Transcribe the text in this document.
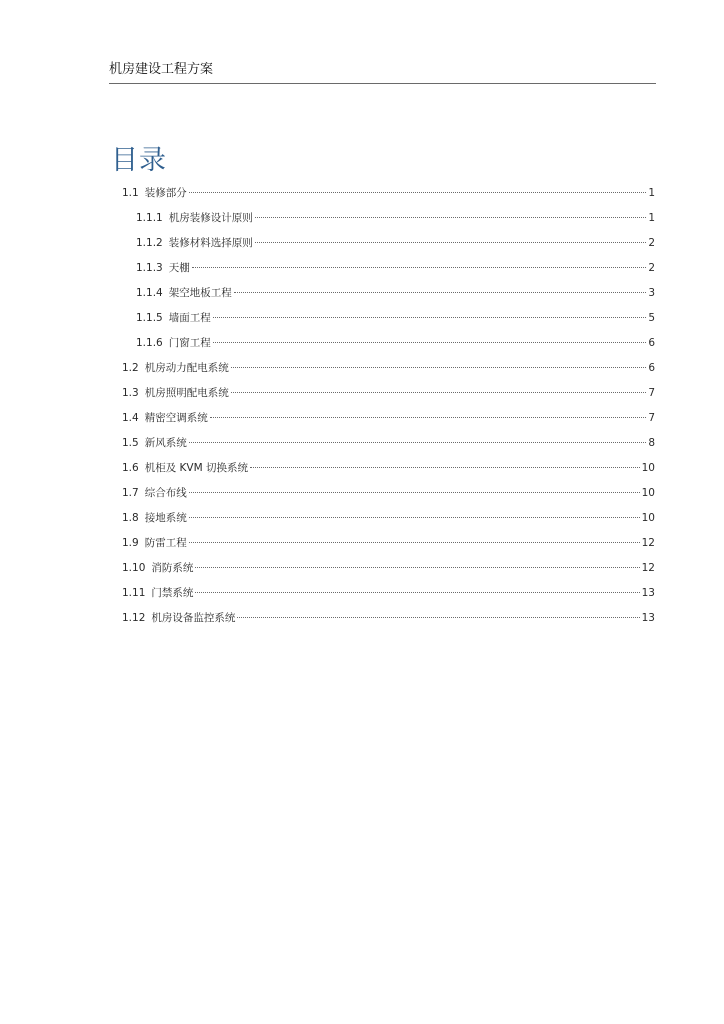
机房建设工程方案
目录
1.1 装修部分	1
1.1.1 机房装修设计原则	1
1.1.2 装修材料选择原则	2
1.1.3 天棚	2
1.1.4 架空地板工程	3
1.1.5 墙面工程	5
1.1.6 门窗工程	6
1.2 机房动力配电系统	6
1.3 机房照明配电系统	7
1.4 精密空调系统	7
1.5 新风系统	8
1.6 机柜及 KVM 切换系统	10
1.7 综合布线	10
1.8 接地系统	10
1.9 防雷工程	12
1.10 消防系统	12
1.11 门禁系统	13
1.12 机房设备监控系统	13
